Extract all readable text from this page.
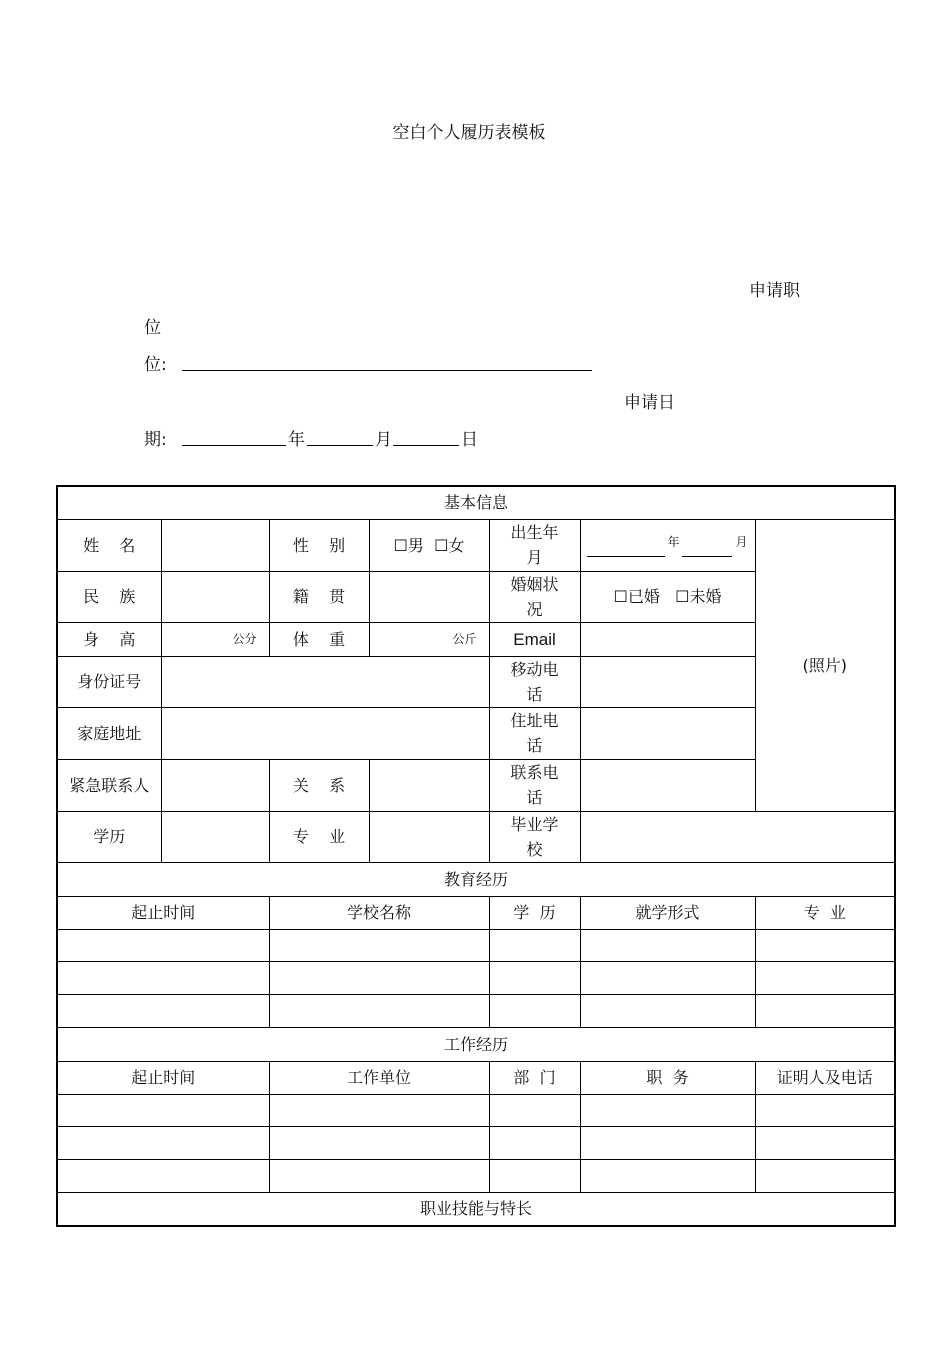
空白个人履历表模板
申请职
位
位:
申请日
期:	年	月	日
基本信息						
姓    名		性    别	☐男 ☐女	出生年月	年 月	(照片)
民    族		籍    贯		婚姻状况	☐已婚 ☐未婚	
身    高	公分	体    重	公斤	Email		
身份证号				移动电话		
家庭地址				住址电话		
紧急联系人		关    系		联系电话		
学历		专    业		毕业学校		
教育经历						
起止时间		学校名称		学  历	就学形式	专  业

工作经历						
起止时间		工作单位		部  门	职  务	证明人及电话

职业技能与特长						
